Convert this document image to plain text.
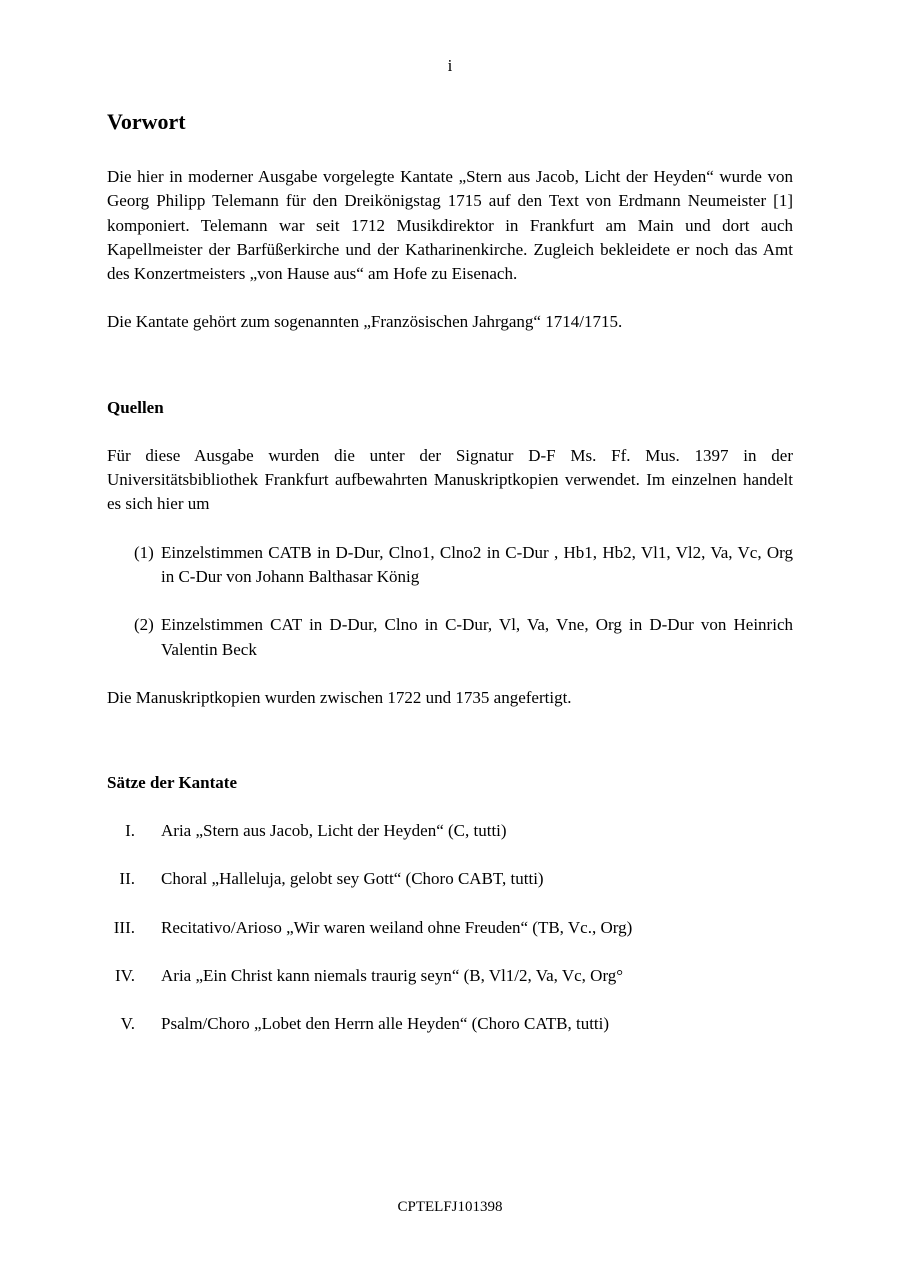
i
Vorwort

Die hier in moderner Ausgabe vorgelegte Kantate „Stern aus Jacob, Licht der Heyden“ wurde von Georg Philipp Telemann für den Dreikönigstag 1715 auf den Text von Erdmann Neumeister [1] komponiert. Telemann war seit 1712 Musikdirektor in Frankfurt am Main und dort auch Kapellmeister der Barfüßerkirche und der Katharinenkirche. Zugleich bekleidete er noch das Amt des Konzertmeisters „von Hause aus“ am Hofe zu Eisenach.

Die Kantate gehört zum sogenannten „Französischen Jahrgang“ 1714/1715.

Quellen

Für diese Ausgabe wurden die unter der Signatur D-F Ms. Ff. Mus. 1397 in der Universitätsbibliothek Frankfurt aufbewahrten Manuskriptkopien verwendet. Im einzelnen handelt es sich hier um

(1) Einzelstimmen CATB in D-Dur, Clno1, Clno2 in C-Dur , Hb1, Hb2, Vl1, Vl2, Va, Vc, Org in C-Dur von Johann Balthasar König
(2) Einzelstimmen CAT in D-Dur, Clno in C-Dur, Vl, Va, Vne, Org in D-Dur von Heinrich Valentin Beck

Die Manuskriptkopien wurden zwischen 1722 und 1735 angefertigt.

Sätze der Kantate
I. Aria „Stern aus Jacob, Licht der Heyden“ (C, tutti)
II. Choral „Halleluja, gelobt sey Gott“ (Choro CABT, tutti)
III. Recitativo/Arioso „Wir waren weiland ohne Freuden“ (TB, Vc., Org)
IV. Aria „Ein Christ kann niemals traurig seyn“ (B, Vl1/2, Va, Vc, Org°
V. Psalm/Choro „Lobet den Herrn alle Heyden“ (Choro CATB, tutti)
CPTELFJ101398
